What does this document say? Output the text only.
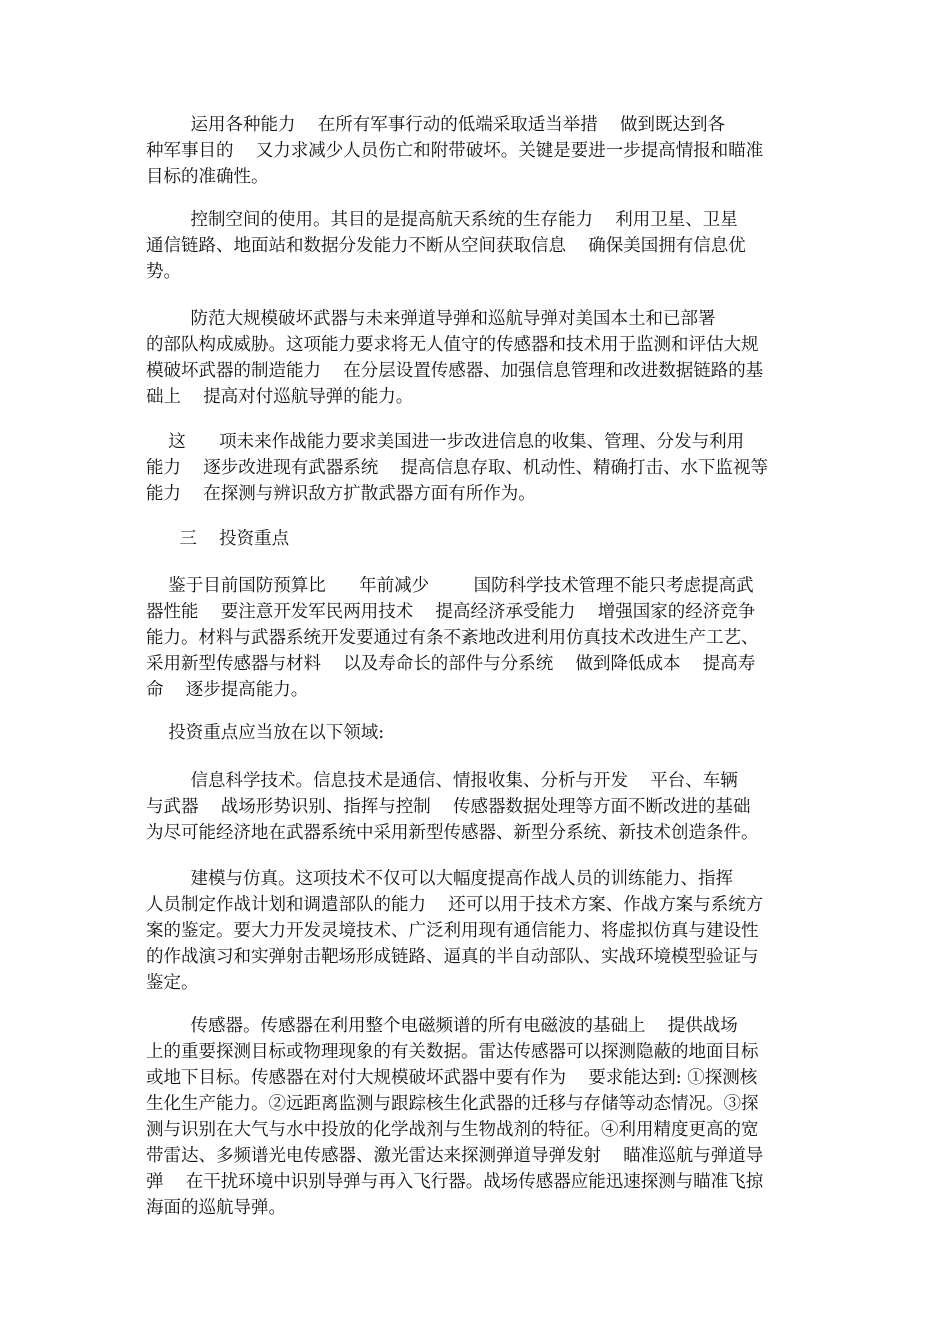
运用各种能力    在所有军事行动的低端采取适当举措    做到既达到各
种军事目的    又力求减少人员伤亡和附带破坏。关键是要进一步提高情报和瞄准
目标的准确性。
控制空间的使用。其目的是提高航天系统的生存能力    利用卫星、卫星
通信链路、地面站和数据分发能力不断从空间获取信息    确保美国拥有信息优
势。
防范大规模破坏武器与未来弹道导弹和巡航导弹对美国本土和已部署
的部队构成威胁。这项能力要求将无人值守的传感器和技术用于监测和评估大规
模破坏武器的制造能力    在分层设置传感器、加强信息管理和改进数据链路的基
础上    提高对付巡航导弹的能力。
这      项未来作战能力要求美国进一步改进信息的收集、管理、分发与利用
能力    逐步改进现有武器系统    提高信息存取、机动性、精确打击、水下监视等
能力    在探测与辨识敌方扩散武器方面有所作为。
三    投资重点
鉴于目前国防预算比      年前减少        国防科学技术管理不能只考虑提高武
器性能    要注意开发军民两用技术    提高经济承受能力    增强国家的经济竞争
能力。材料与武器系统开发要通过有条不紊地改进利用仿真技术改进生产工艺、
采用新型传感器与材料    以及寿命长的部件与分系统    做到降低成本    提高寿
命    逐步提高能力。
投资重点应当放在以下领域:
信息科学技术。信息技术是通信、情报收集、分析与开发    平台、车辆
与武器    战场形势识别、指挥与控制    传感器数据处理等方面不断改进的基础
为尽可能经济地在武器系统中采用新型传感器、新型分系统、新技术创造条件。
建模与仿真。这项技术不仅可以大幅度提高作战人员的训练能力、指挥
人员制定作战计划和调遣部队的能力    还可以用于技术方案、作战方案与系统方
案的鉴定。要大力开发灵境技术、广泛利用现有通信能力、将虚拟仿真与建设性
的作战演习和实弹射击靶场形成链路、逼真的半自动部队、实战环境模型验证与
鉴定。
传感器。传感器在利用整个电磁频谱的所有电磁波的基础上    提供战场
上的重要探测目标或物理现象的有关数据。雷达传感器可以探测隐蔽的地面目标
或地下目标。传感器在对付大规模破坏武器中要有作为    要求能达到: ①探测核
生化生产能力。②远距离监测与跟踪核生化武器的迁移与存储等动态情况。③探
测与识别在大气与水中投放的化学战剂与生物战剂的特征。④利用精度更高的宽
带雷达、多频谱光电传感器、激光雷达来探测弹道导弹发射    瞄准巡航与弹道导
弹    在干扰环境中识别导弹与再入飞行器。战场传感器应能迅速探测与瞄准飞掠
海面的巡航导弹。
